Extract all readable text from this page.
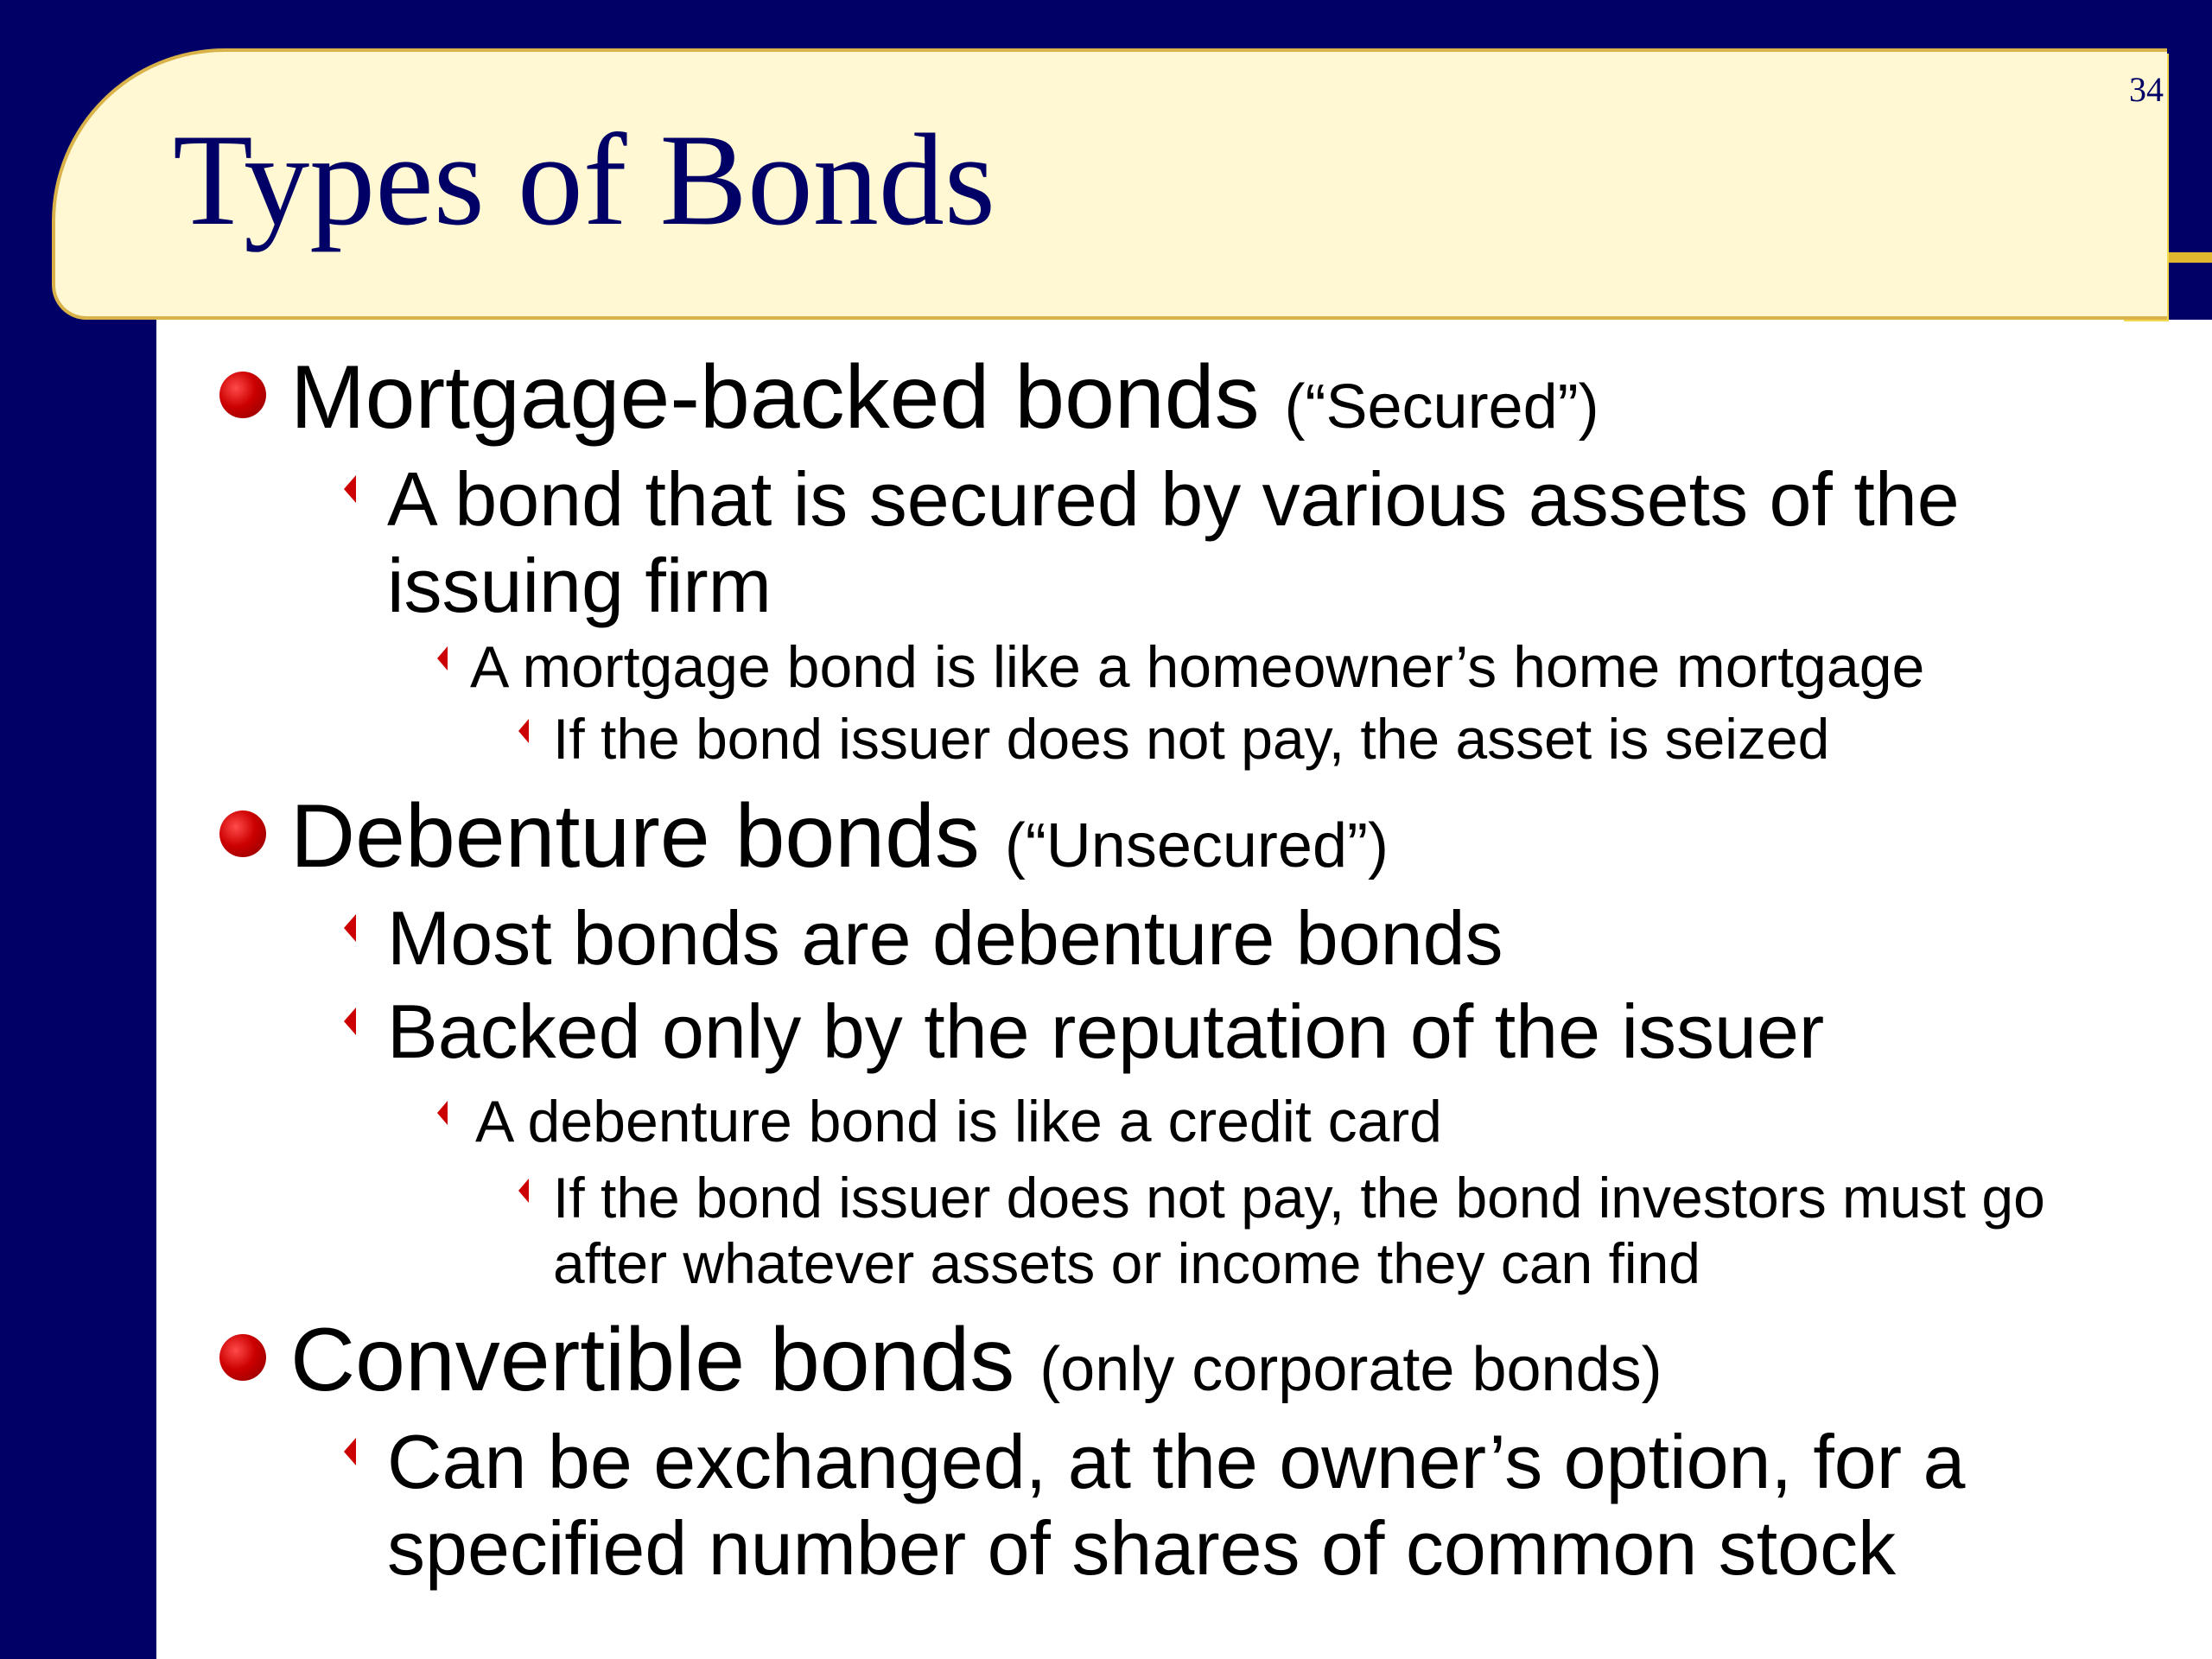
34
Types of Bonds

Mortgage-backed bonds (“Secured”)

A bond that is secured by various assets of the issuing firm

A mortgage bond is like a homeowner’s home mortgage

If the bond issuer does not pay, the asset is seized

Debenture bonds (“Unsecured”)

Most bonds are debenture bonds

Backed only by the reputation of the issuer

A debenture bond is like a credit card

If the bond issuer does not pay, the bond investors must go after whatever assets or income they can find

Convertible bonds (only corporate bonds)

Can be exchanged, at the owner’s option, for a specified number of shares of common stock
